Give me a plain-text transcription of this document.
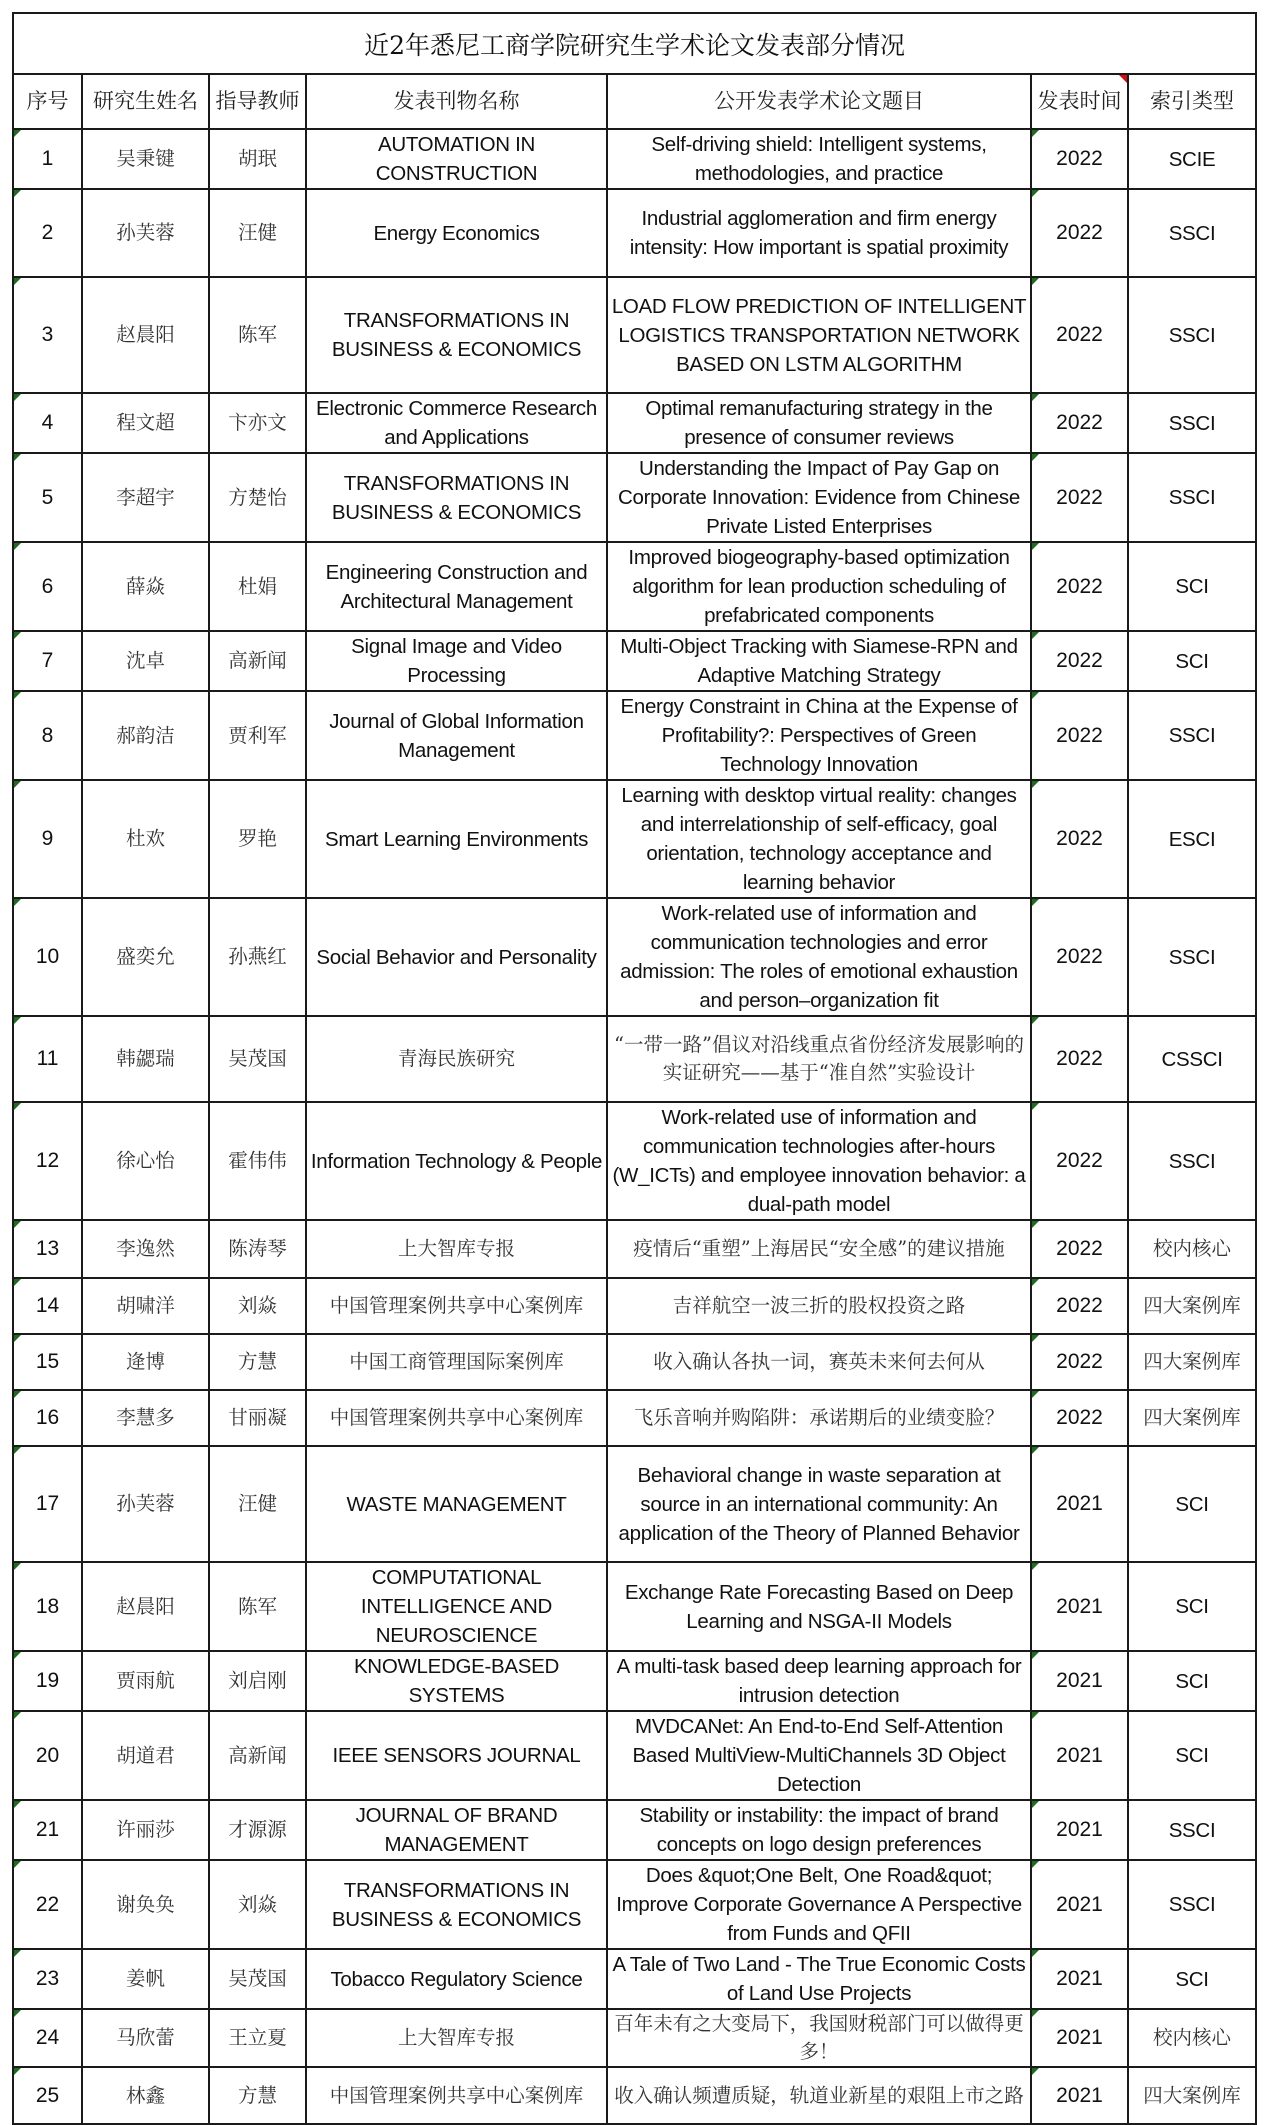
近2年悉尼工商学院研究生学术论文发表部分情况						
序号	研究生姓名	指导教师	发表刊物名称	公开发表学术论文题目	发表时间	索引类型
1	吴秉键	胡珉	AUTOMATION IN CONSTRUCTION	Self-driving shield: Intelligent systems, methodologies, and practice	2022	SCIE
2	孙芙蓉	汪健	Energy Economics	Industrial agglomeration and firm energy intensity: How important is spatial proximity	2022	SSCI
3	赵晨阳	陈军	TRANSFORMATIONS IN BUSINESS & ECONOMICS	LOAD FLOW PREDICTION OF INTELLIGENT LOGISTICS TRANSPORTATION NETWORK BASED ON LSTM ALGORITHM	2022	SSCI
4	程文超	卞亦文	Electronic Commerce Research and Applications	Optimal remanufacturing strategy in the presence of consumer reviews	2022	SSCI
5	李超宇	方楚怡	TRANSFORMATIONS IN BUSINESS & ECONOMICS	Understanding the Impact of Pay Gap on Corporate Innovation: Evidence from Chinese Private Listed Enterprises	2022	SSCI
6	薛焱	杜娟	Engineering Construction and Architectural Management	Improved biogeography-based optimization algorithm for lean production scheduling of prefabricated components	2022	SCI
7	沈卓	高新闻	Signal Image and Video Processing	Multi-Object Tracking with Siamese-RPN and Adaptive Matching Strategy	2022	SCI
8	郝韵洁	贾利军	Journal of Global Information Management	Energy Constraint in China at the Expense of Profitability?: Perspectives of Green Technology Innovation	2022	SSCI
9	杜欢	罗艳	Smart Learning Environments	Learning with desktop virtual reality: changes and interrelationship of self-efficacy, goal orientation, technology acceptance and learning behavior	2022	ESCI
10	盛奕允	孙燕红	Social Behavior and Personality	Work-related use of information and communication technologies and error admission: The roles of emotional exhaustion and person–organization fit	2022	SSCI
11	韩勰瑞	吴茂国	青海民族研究	“一带一路”倡议对沿线重点省份经济发展影响的实证研究——基于“准自然”实验设计	2022	CSSCI
12	徐心怡	霍伟伟	Information Technology & People	Work-related use of information and communication technologies after-hours (W_ICTs) and employee innovation behavior: a dual-path model	2022	SSCI
13	李逸然	陈涛琴	上大智库专报	疫情后“重塑”上海居民“安全感”的建议措施	2022	校内核心
14	胡啸洋	刘焱	中国管理案例共享中心案例库	吉祥航空一波三折的股权投资之路	2022	四大案例库
15	逄博	方慧	中国工商管理国际案例库	收入确认各执一词，赛英未来何去何从	2022	四大案例库
16	李慧多	甘丽凝	中国管理案例共享中心案例库	飞乐音响并购陷阱：承诺期后的业绩变脸？	2022	四大案例库
17	孙芙蓉	汪健	WASTE MANAGEMENT	Behavioral change in waste separation at source in an international community: An application of the Theory of Planned Behavior	2021	SCI
18	赵晨阳	陈军	COMPUTATIONAL INTELLIGENCE AND NEUROSCIENCE	Exchange Rate Forecasting Based on Deep Learning and NSGA-II Models	2021	SCI
19	贾雨航	刘启刚	KNOWLEDGE-BASED SYSTEMS	A multi-task based deep learning approach for intrusion detection	2021	SCI
20	胡道君	高新闻	IEEE SENSORS JOURNAL	MVDCANet: An End-to-End Self-Attention Based MultiView-MultiChannels 3D Object Detection	2021	SCI
21	许丽莎	才源源	JOURNAL OF BRAND MANAGEMENT	Stability or instability: the impact of brand concepts on logo design preferences	2021	SSCI
22	谢奂奂	刘焱	TRANSFORMATIONS IN BUSINESS & ECONOMICS	Does &quot;One Belt, One Road&quot; Improve Corporate Governance A Perspective from Funds and QFII	2021	SSCI
23	姜帆	吴茂国	Tobacco Regulatory Science	A Tale of Two Land - The True Economic Costs of Land Use Projects	2021	SCI
24	马欣蕾	王立夏	上大智库专报	百年未有之大变局下，我国财税部门可以做得更多！	2021	校内核心
25	林鑫	方慧	中国管理案例共享中心案例库	收入确认频遭质疑，轨道业新星的艰阻上市之路	2021	四大案例库
